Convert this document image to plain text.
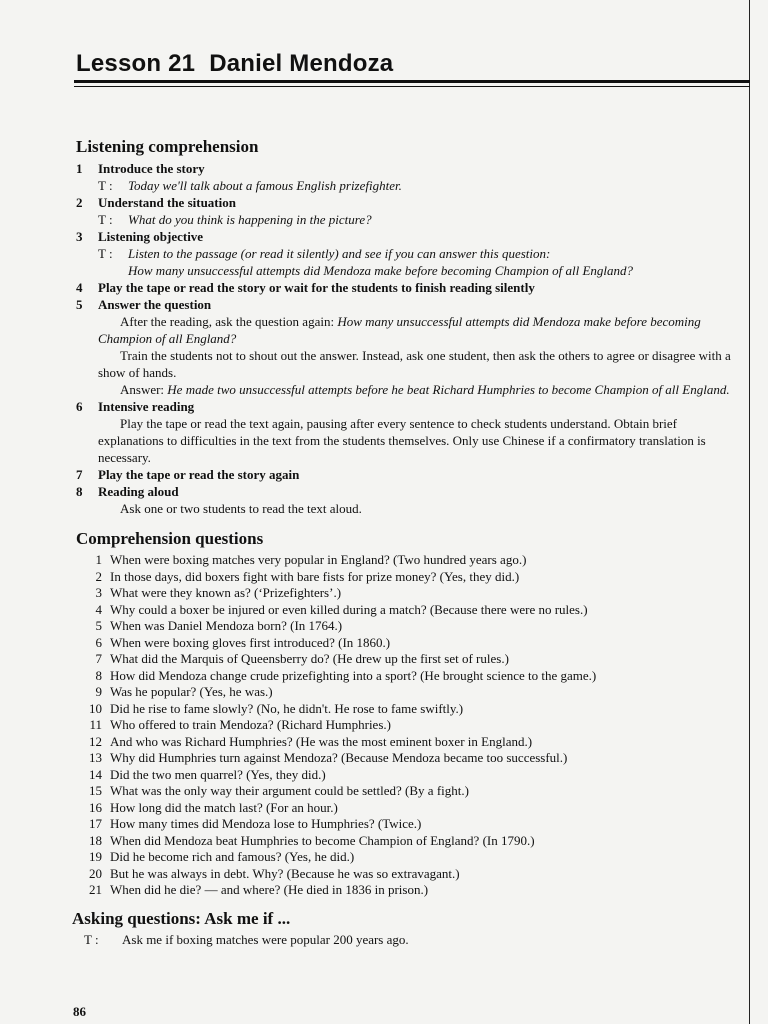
Lesson 21 Daniel Mendoza
Listening comprehension
1 Introduce the story
T : Today we'll talk about a famous English prizefighter.
2 Understand the situation
T : What do you think is happening in the picture?
3 Listening objective
T : Listen to the passage (or read it silently) and see if you can answer this question:
How many unsuccessful attempts did Mendoza make before becoming Champion of all England?
4 Play the tape or read the story or wait for the students to finish reading silently
5 Answer the question
After the reading, ask the question again: How many unsuccessful attempts did Mendoza make before becoming Champion of all England?
Train the students not to shout out the answer. Instead, ask one student, then ask the others to agree or disagree with a show of hands.
Answer: He made two unsuccessful attempts before he beat Richard Humphries to become Champion of all England.
6 Intensive reading
Play the tape or read the text again, pausing after every sentence to check students understand. Obtain brief explanations to difficulties in the text from the students themselves. Only use Chinese if a confirmatory translation is necessary.
7 Play the tape or read the story again
8 Reading aloud
Ask one or two students to read the text aloud.
Comprehension questions
1 When were boxing matches very popular in England? (Two hundred years ago.)
2 In those days, did boxers fight with bare fists for prize money? (Yes, they did.)
3 What were they known as? (‘Prizefighters’.)
4 Why could a boxer be injured or even killed during a match? (Because there were no rules.)
5 When was Daniel Mendoza born? (In 1764.)
6 When were boxing gloves first introduced? (In 1860.)
7 What did the Marquis of Queensberry do? (He drew up the first set of rules.)
8 How did Mendoza change crude prizefighting into a sport? (He brought science to the game.)
9 Was he popular? (Yes, he was.)
10 Did he rise to fame slowly? (No, he didn't. He rose to fame swiftly.)
11 Who offered to train Mendoza? (Richard Humphries.)
12 And who was Richard Humphries? (He was the most eminent boxer in England.)
13 Why did Humphries turn against Mendoza? (Because Mendoza became too successful.)
14 Did the two men quarrel? (Yes, they did.)
15 What was the only way their argument could be settled? (By a fight.)
16 How long did the match last? (For an hour.)
17 How many times did Mendoza lose to Humphries? (Twice.)
18 When did Mendoza beat Humphries to become Champion of England? (In 1790.)
19 Did he become rich and famous? (Yes, he did.)
20 But he was always in debt. Why? (Because he was so extravagant.)
21 When did he die? — and where? (He died in 1836 in prison.)
Asking questions: Ask me if ...
T : Ask me if boxing matches were popular 200 years ago.
86
